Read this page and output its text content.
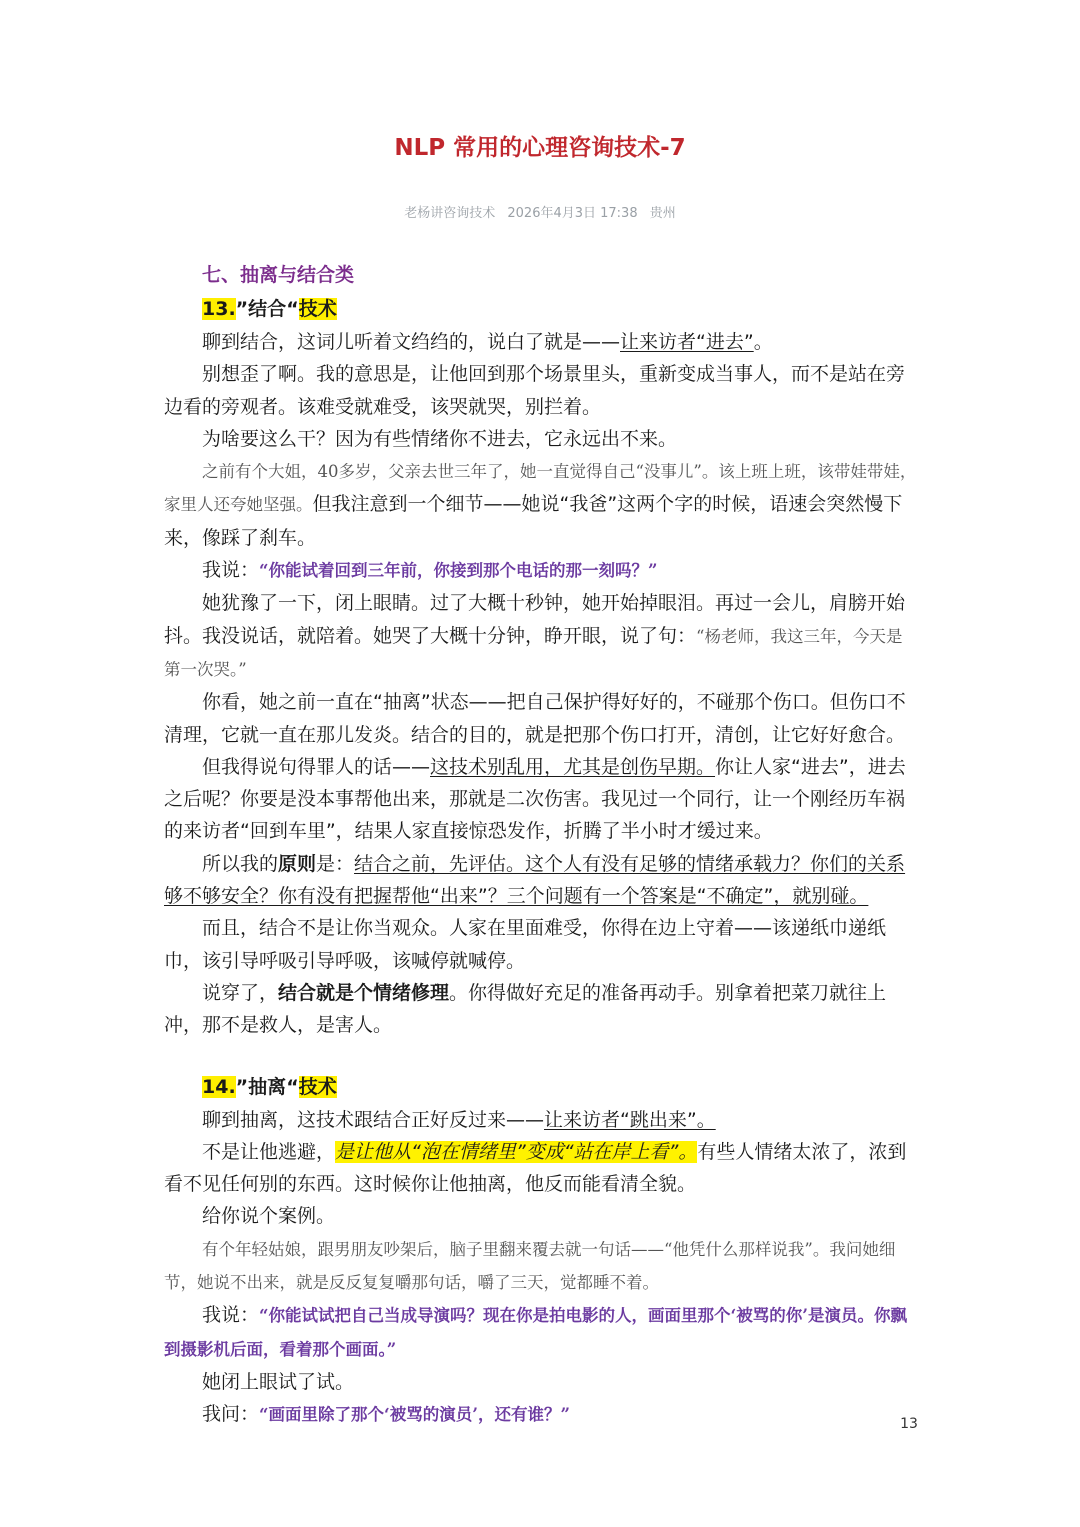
NLP 常用的心理咨询技术-7
老杨讲咨询技术 2026年4月3日 17:38 贵州

七、抽离与结合类

13.”结合“技术

聊到结合，这词儿听着文绉绉的，说白了就是——让来访者“进去”。

别想歪了啊。我的意思是，让他回到那个场景里头，重新变成当事人，而不是站在旁边看的旁观者。该难受就难受，该哭就哭，别拦着。

为啥要这么干？因为有些情绪你不进去，它永远出不来。

之前有个大姐，40多岁，父亲去世三年了，她一直觉得自己“没事儿”。该上班上班，该带娃带娃，家里人还夸她坚强。但我注意到一个细节——她说“我爸”这两个字的时候，语速会突然慢下来，像踩了刹车。

我说：“你能试着回到三年前，你接到那个电话的那一刻吗？”

她犹豫了一下，闭上眼睛。过了大概十秒钟，她开始掉眼泪。再过一会儿，肩膀开始抖。我没说话，就陪着。她哭了大概十分钟，睁开眼，说了句：“杨老师，我这三年，今天是第一次哭。”

你看，她之前一直在“抽离”状态——把自己保护得好好的，不碰那个伤口。但伤口不清理，它就一直在那儿发炎。结合的目的，就是把那个伤口打开，清创，让它好好愈合。

但我得说句得罪人的话——这技术别乱用，尤其是创伤早期。你让人家“进去”，进去之后呢？你要是没本事帮他出来，那就是二次伤害。我见过一个同行，让一个刚经历车祸的来访者“回到车里”，结果人家直接惊恐发作，折腾了半小时才缓过来。

所以我的原则是：结合之前，先评估。这个人有没有足够的情绪承载力？你们的关系够不够安全？你有没有把握帮他“出来”？三个问题有一个答案是“不确定”，就别碰。

而且，结合不是让你当观众。人家在里面难受，你得在边上守着——该递纸巾递纸巾，该引导呼吸引导呼吸，该喊停就喊停。

说穿了，结合就是个情绪修理。你得做好充足的准备再动手。别拿着把菜刀就往上冲，那不是救人，是害人。

14.”抽离“技术

聊到抽离，这技术跟结合正好反过来——让来访者“跳出来”。

不是让他逃避，是让他从“泡在情绪里”变成“站在岸上看”。有些人情绪太浓了，浓到看不见任何别的东西。这时候你让他抽离，他反而能看清全貌。

给你说个案例。

有个年轻姑娘，跟男朋友吵架后，脑子里翻来覆去就一句话——“他凭什么那样说我”。我问她细节，她说不出来，就是反反复复嚼那句话，嚼了三天，觉都睡不着。

我说：“你能试试把自己当成导演吗？现在你是拍电影的人，画面里那个‘被骂的你’是演员。你飘到摄影机后面，看着那个画面。”

她闭上眼试了试。

我问：“画面里除了那个‘被骂的演员’，还有谁？”	13
